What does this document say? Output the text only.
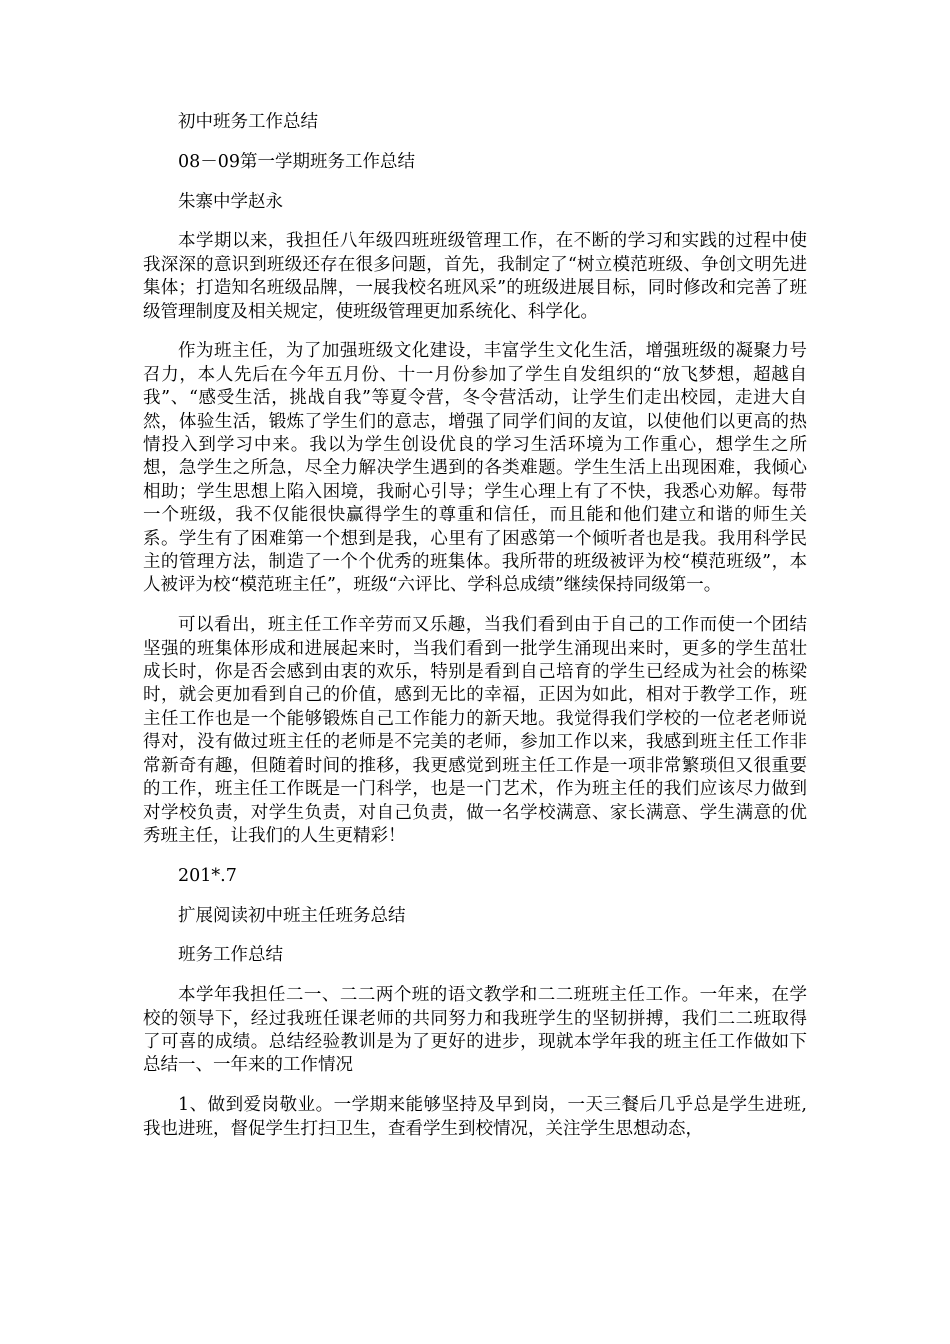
初中班务工作总结

08－09第一学期班务工作总结

朱寨中学赵永

本学期以来，我担任八年级四班班级管理工作，在不断的学习和实践的过程中使我深深的意识到班级还存在很多问题，首先，我制定了“树立模范班级、争创文明先进集体；打造知名班级品牌，一展我校名班风采”的班级进展目标，同时修改和完善了班级管理制度及相关规定，使班级管理更加系统化、科学化。

作为班主任，为了加强班级文化建设，丰富学生文化生活，增强班级的凝聚力号召力，本人先后在今年五月份、十一月份参加了学生自发组织的“放飞梦想，超越自我”、“感受生活，挑战自我”等夏令营，冬令营活动，让学生们走出校园，走进大自然，体验生活，锻炼了学生们的意志，增强了同学们间的友谊，以使他们以更高的热情投入到学习中来。我以为学生创设优良的学习生活环境为工作重心，想学生之所想，急学生之所急，尽全力解决学生遇到的各类难题。学生生活上出现困难，我倾心相助；学生思想上陷入困境，我耐心引导；学生心理上有了不快，我悉心劝解。每带一个班级，我不仅能很快赢得学生的尊重和信任，而且能和他们建立和谐的师生关系。学生有了困难第一个想到是我，心里有了困惑第一个倾听者也是我。我用科学民主的管理方法，制造了一个个优秀的班集体。我所带的班级被评为校“模范班级”，本人被评为校“模范班主任”，班级“六评比、学科总成绩”继续保持同级第一。

可以看出，班主任工作辛劳而又乐趣，当我们看到由于自己的工作而使一个团结坚强的班集体形成和进展起来时，当我们看到一批学生涌现出来时，更多的学生茁壮成长时，你是否会感到由衷的欢乐，特别是看到自己培育的学生已经成为社会的栋梁时，就会更加看到自己的价值，感到无比的幸福，正因为如此，相对于教学工作，班主任工作也是一个能够锻炼自己工作能力的新天地。我觉得我们学校的一位老老师说得对，没有做过班主任的老师是不完美的老师，参加工作以来，我感到班主任工作非常新奇有趣，但随着时间的推移，我更感觉到班主任工作是一项非常繁琐但又很重要的工作，班主任工作既是一门科学，也是一门艺术，作为班主任的我们应该尽力做到对学校负责，对学生负责，对自己负责，做一名学校满意、家长满意、学生满意的优秀班主任，让我们的人生更精彩！

201*.7

扩展阅读初中班主任班务总结

班务工作总结

本学年我担任二一、二二两个班的语文教学和二二班班主任工作。一年来，在学校的领导下，经过我班任课老师的共同努力和我班学生的坚韧拼搏，我们二二班取得了可喜的成绩。总结经验教训是为了更好的进步，现就本学年我的班主任工作做如下总结一、一年来的工作情况

1、做到爱岗敬业。一学期来能够坚持及早到岗，一天三餐后几乎总是学生进班,我也进班，督促学生打扫卫生，查看学生到校情况，关注学生思想动态，
